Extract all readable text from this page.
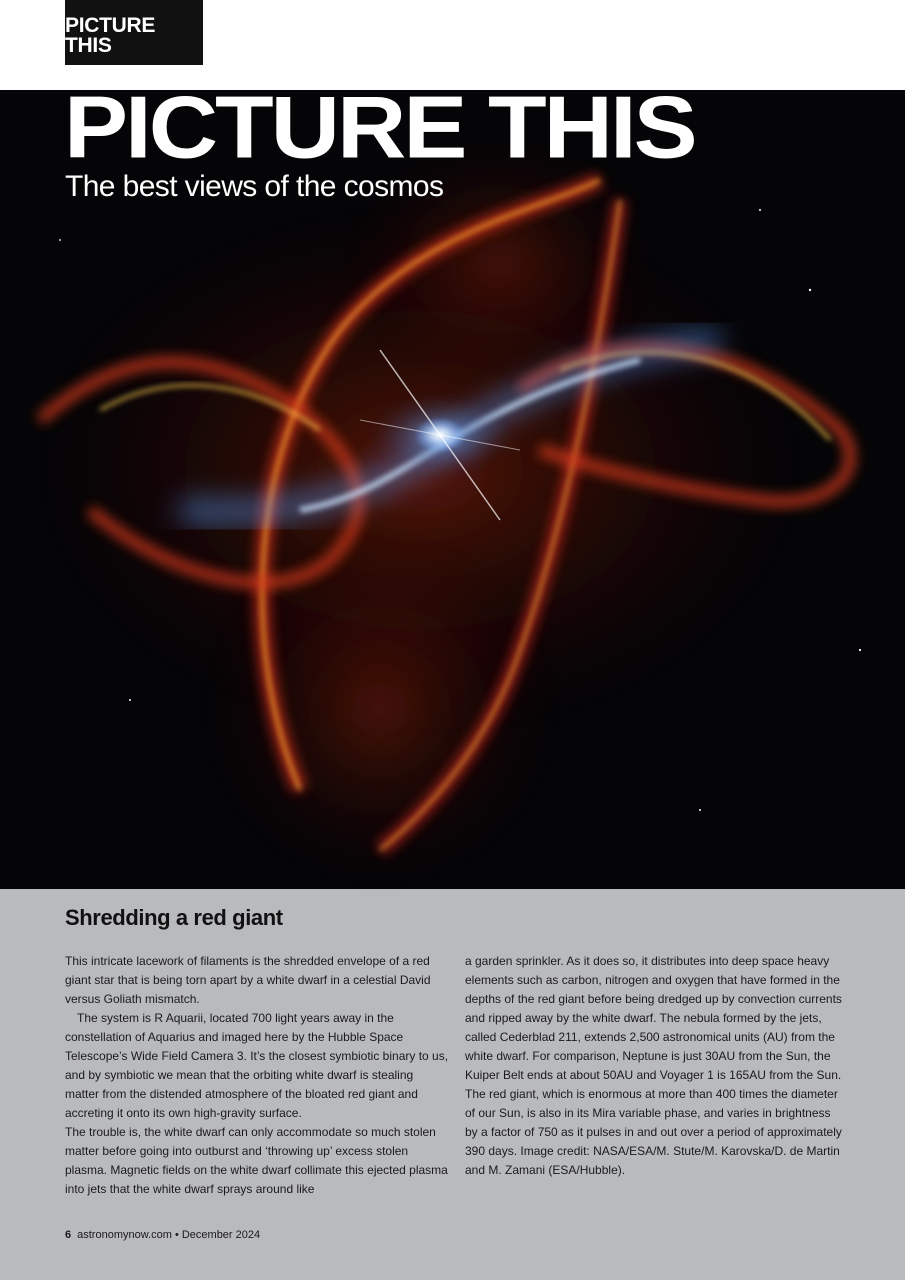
PICTURE THIS
PICTURE THIS
The best views of the cosmos
Shredding a red giant

This intricate lacework of filaments is the shredded envelope of a red giant star that is being torn apart by a white dwarf in a celestial David versus Goliath mismatch.

The system is R Aquarii, located 700 light years away in the constellation of Aquarius and imaged here by the Hubble Space Telescope’s Wide Field Camera 3. It’s the closest symbiotic binary to us, and by symbiotic we mean that the orbiting white dwarf is stealing matter from the distended atmosphere of the bloated red giant and accreting it onto its own high-gravity surface.

The trouble is, the white dwarf can only accommodate so much stolen matter before going into outburst and ‘throwing up’ excess stolen plasma. Magnetic fields on the white dwarf collimate this ejected plasma into jets that the white dwarf sprays around like

a garden sprinkler. As it does so, it distributes into deep space heavy elements such as carbon, nitrogen and oxygen that have formed in the depths of the red giant before being dredged up by convection currents and ripped away by the white dwarf. The nebula formed by the jets, called Cederblad 211, extends 2,500 astronomical units (AU) from the white dwarf. For comparison, Neptune is just 30AU from the Sun, the Kuiper Belt ends at about 50AU and Voyager 1 is 165AU from the Sun. The red giant, which is enormous at more than 400 times the diameter of our Sun, is also in its Mira variable phase, and varies in brightness by a factor of 750 as it pulses in and out over a period of approximately 390 days. Image credit: NASA/ESA/M. Stute/M. Karovska/D. de Martin and M. Zamani (ESA/Hubble).

6 astronomynow.com • December 2024
